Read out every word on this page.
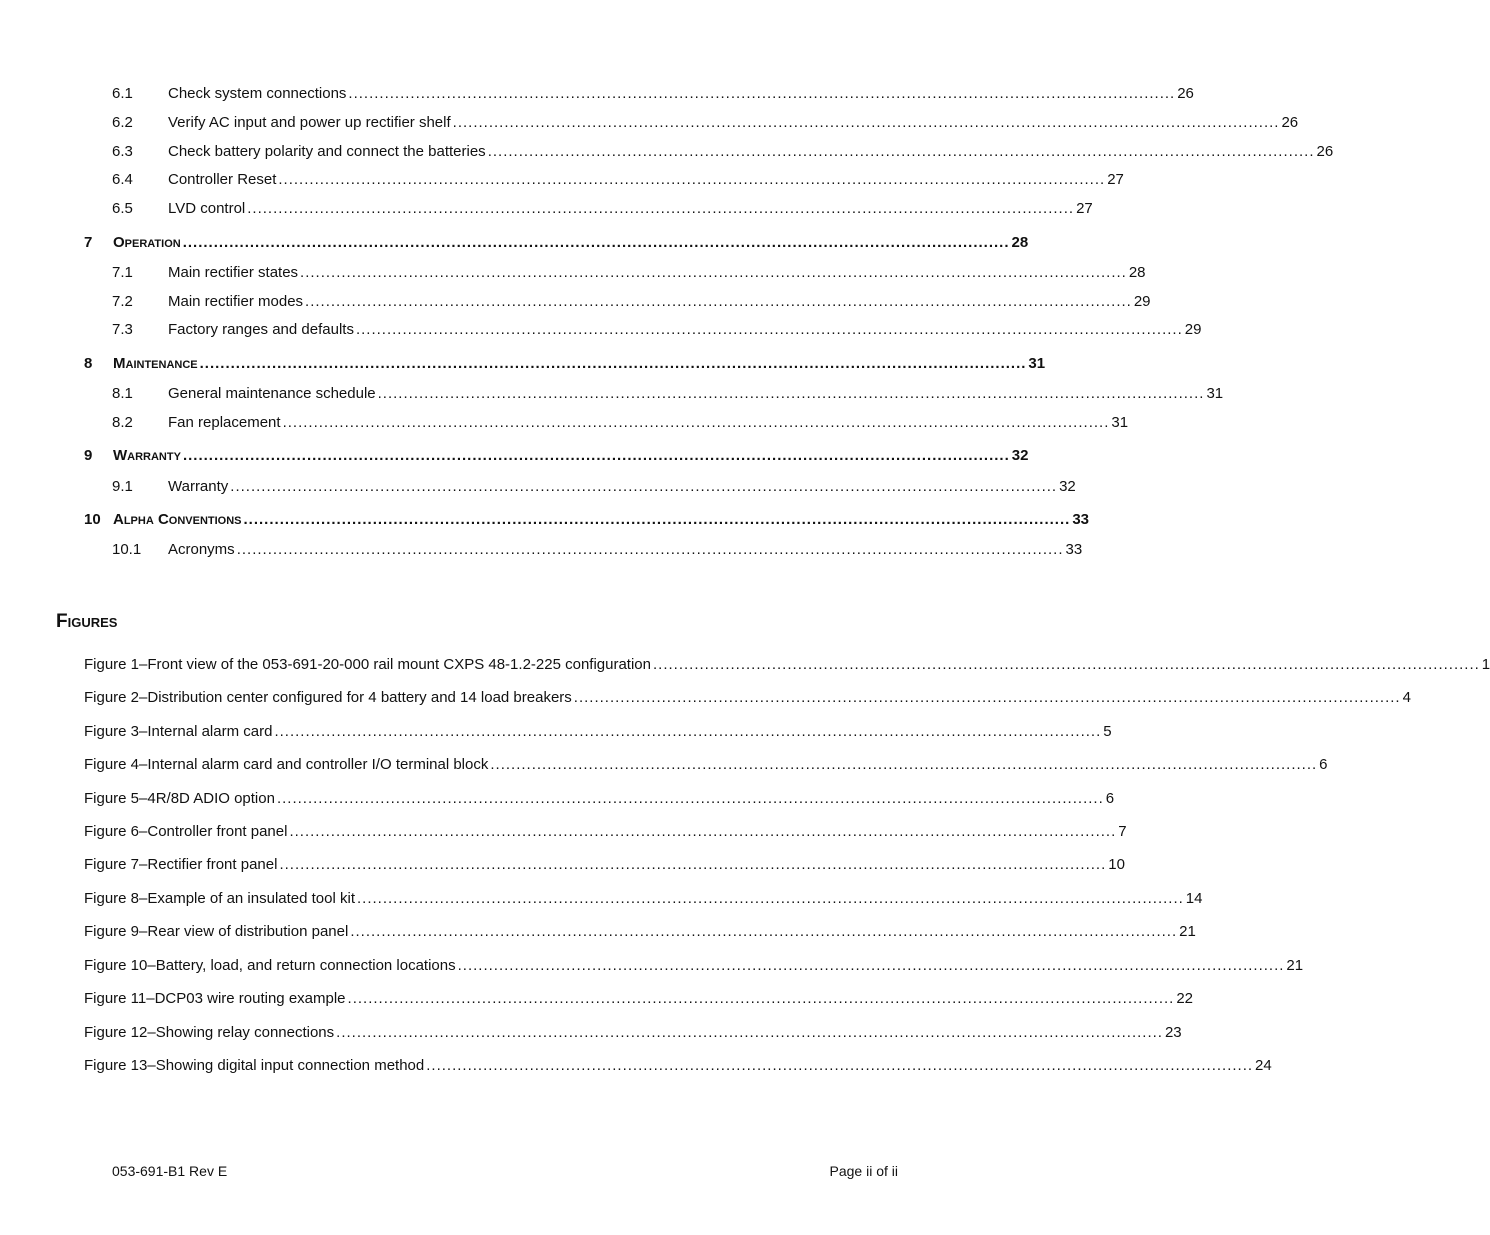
6.1 Check system connections ................................................................................................................................................................ 26
6.2 Verify AC input and power up rectifier shelf ................................................................................................................................................................ 26
6.3 Check battery polarity and connect the batteries ................................................................................................................................................................ 26
6.4 Controller Reset ................................................................................................................................................................ 27
6.5 LVD control ................................................................................................................................................................ 27
7 Operation ................................................................................................................................................................ 28
7.1 Main rectifier states ................................................................................................................................................................ 28
7.2 Main rectifier modes ................................................................................................................................................................ 29
7.3 Factory ranges and defaults ................................................................................................................................................................ 29
8 Maintenance ................................................................................................................................................................ 31
8.1 General maintenance schedule ................................................................................................................................................................ 31
8.2 Fan replacement ................................................................................................................................................................ 31
9 Warranty ................................................................................................................................................................ 32
9.1 Warranty ................................................................................................................................................................ 32
10 Alpha Conventions ................................................................................................................................................................ 33
10.1 Acronyms ................................................................................................................................................................ 33
Figures
Figure 1–Front view of the 053-691-20-000 rail mount CXPS 48-1.2-225 configuration ................................................................................................................................................................ 1
Figure 2–Distribution center configured for 4 battery and 14 load breakers ................................................................................................................................................................ 4
Figure 3–Internal alarm card ................................................................................................................................................................ 5
Figure 4–Internal alarm card and controller I/O terminal block ................................................................................................................................................................ 6
Figure 5–4R/8D ADIO option ................................................................................................................................................................ 6
Figure 6–Controller front panel ................................................................................................................................................................ 7
Figure 7–Rectifier front panel ................................................................................................................................................................ 10
Figure 8–Example of an insulated tool kit ................................................................................................................................................................ 14
Figure 9–Rear view of distribution panel ................................................................................................................................................................ 21
Figure 10–Battery, load, and return connection locations ................................................................................................................................................................ 21
Figure 11–DCP03 wire routing example ................................................................................................................................................................ 22
Figure 12–Showing relay connections ................................................................................................................................................................ 23
Figure 13–Showing digital input connection method ................................................................................................................................................................ 24
053-691-B1 Rev E	Page ii of ii
